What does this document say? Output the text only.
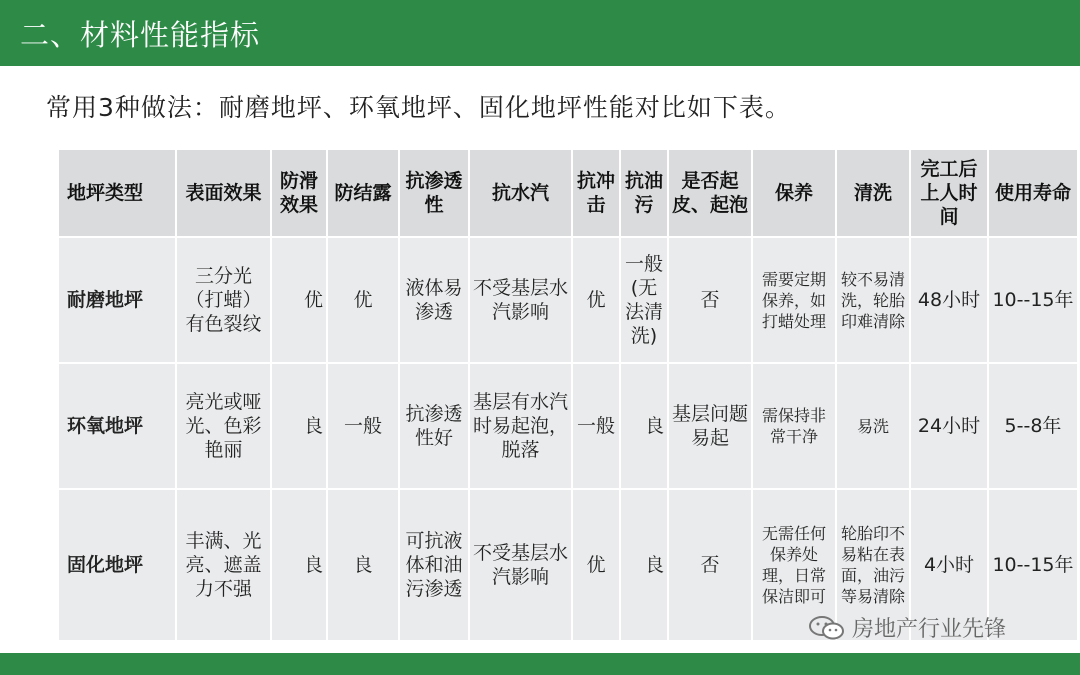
二、材料性能指标
常用3种做法：耐磨地坪、环氧地坪、固化地坪性能对比如下表。
地坪类型	表面效果	防滑效果	防结露	抗渗透性	抗水汽	抗冲击	抗油污	是否起皮、起泡	保养	清洗	完工后上人时间	使用寿命
耐磨地坪	三分光（打蜡）有色裂纹	优	优	液体易渗透	不受基层水汽影响	优	一般(无法清洗)	否	需要定期保养，如打蜡处理	较不易清洗，轮胎印难清除	48小时	10--15年
环氧地坪	亮光或哑光、色彩艳丽	良	一般	抗渗透性好	基层有水汽时易起泡，脱落	一般	良	基层问题易起	需保持非常干净	易洗	24小时	5--8年
固化地坪	丰满、光亮、遮盖力不强	良	良	可抗液体和油污渗透	不受基层水汽影响	优	良	否	无需任何保养处理，日常保洁即可	轮胎印不易粘在表面，油污等易清除	4小时	10--15年
房地产行业先锋
